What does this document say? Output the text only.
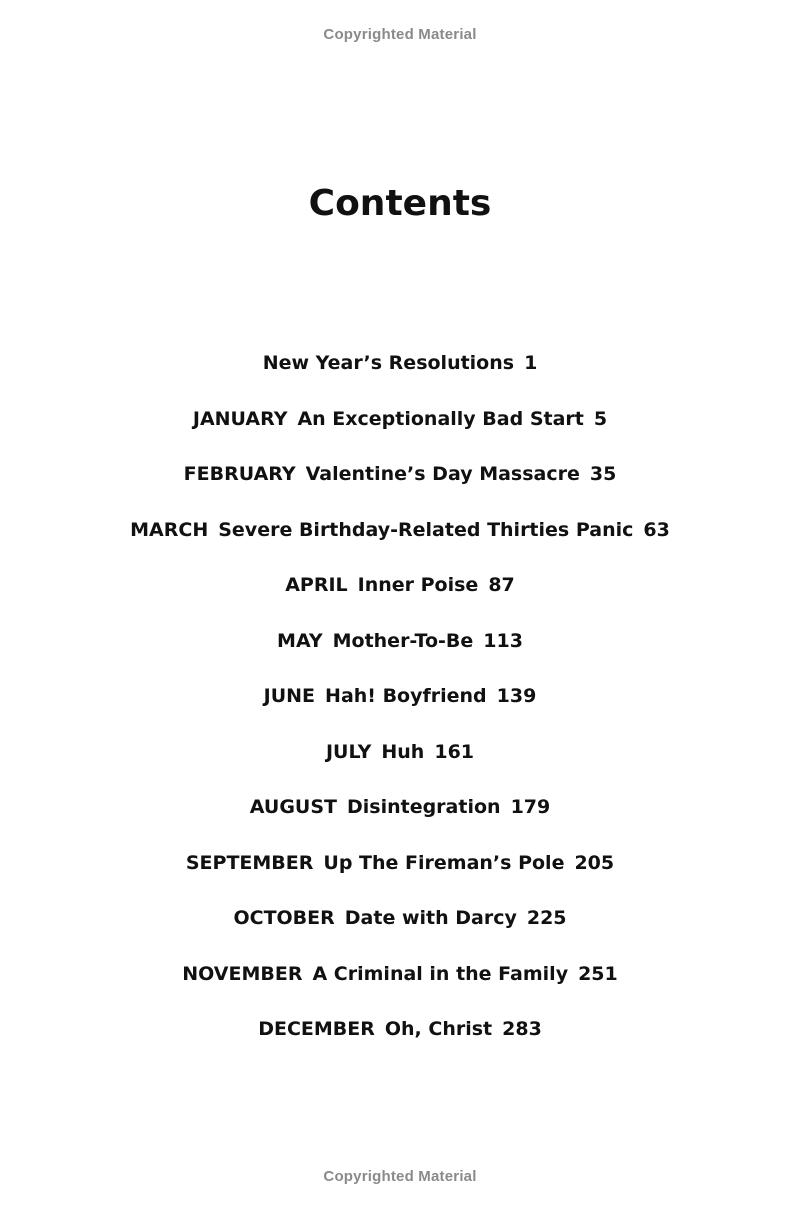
Copyrighted Material
Contents
New Year’s Resolutions 1
JANUARY An Exceptionally Bad Start 5
FEBRUARY Valentine’s Day Massacre 35
MARCH Severe Birthday-Related Thirties Panic 63
APRIL Inner Poise 87
MAY Mother-To-Be 113
JUNE Hah! Boyfriend 139
JULY Huh 161
AUGUST Disintegration 179
SEPTEMBER Up The Fireman’s Pole 205
OCTOBER Date with Darcy 225
NOVEMBER A Criminal in the Family 251
DECEMBER Oh, Christ 283
Copyrighted Material
